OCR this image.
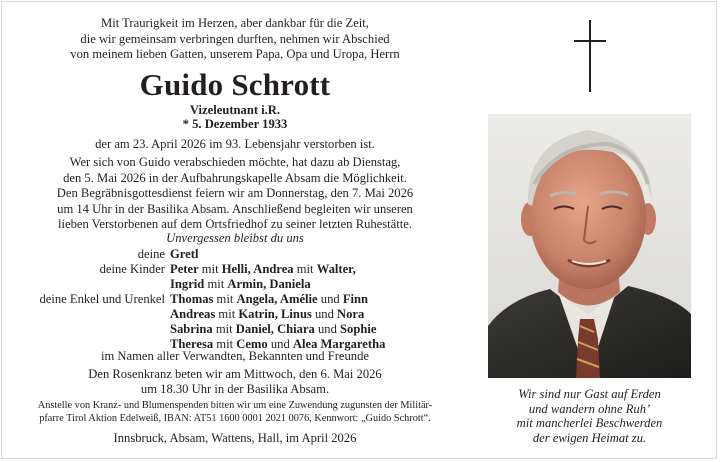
Mit Traurigkeit im Herzen, aber dankbar für die Zeit,
die wir gemeinsam verbringen durften, nehmen wir Abschied
von meinem lieben Gatten, unserem Papa, Opa und Uropa, Herrn
Guido Schrott
Vizeleutnant i.R.
* 5. Dezember 1933
der am 23. April 2026 im 93. Lebensjahr verstorben ist.
Wer sich von Guido verabschieden möchte, hat dazu ab Dienstag,
den 5. Mai 2026 in der Aufbahrungskapelle Absam die Möglichkeit.
Den Begräbnisgottesdienst feiern wir am Donnerstag, den 7. Mai 2026
um 14 Uhr in der Basilika Absam. Anschließend begleiten wir unseren
lieben Verstorbenen auf dem Ortsfriedhof zu seiner letzten Ruhestätte.
Unvergessen bleibst du uns
deine Gretl
deine Kinder Peter mit Helli, Andrea mit Walter,
Ingrid mit Armin, Daniela
deine Enkel und Urenkel Thomas mit Angela, Amélie und Finn
Andreas mit Katrin, Linus und Nora
Sabrina mit Daniel, Chiara und Sophie
Theresa mit Cemo und Alea Margaretha
im Namen aller Verwandten, Bekannten und Freunde
Den Rosenkranz beten wir am Mittwoch, den 6. Mai 2026
um 18.30 Uhr in der Basilika Absam.
Anstelle von Kranz- und Blumenspenden bitten wir um eine Zuwendung zugunsten der Militär-
pfarre Tirol Aktion Edelweiß, IBAN: AT51 1600 0001 2021 0076, Kennwort: „Guido Schrott“.
Innsbruck, Absam, Wattens, Hall, im April 2026
Wir sind nur Gast auf Erden
und wandern ohne Ruh’
mit mancherlei Beschwerden
der ewigen Heimat zu.
